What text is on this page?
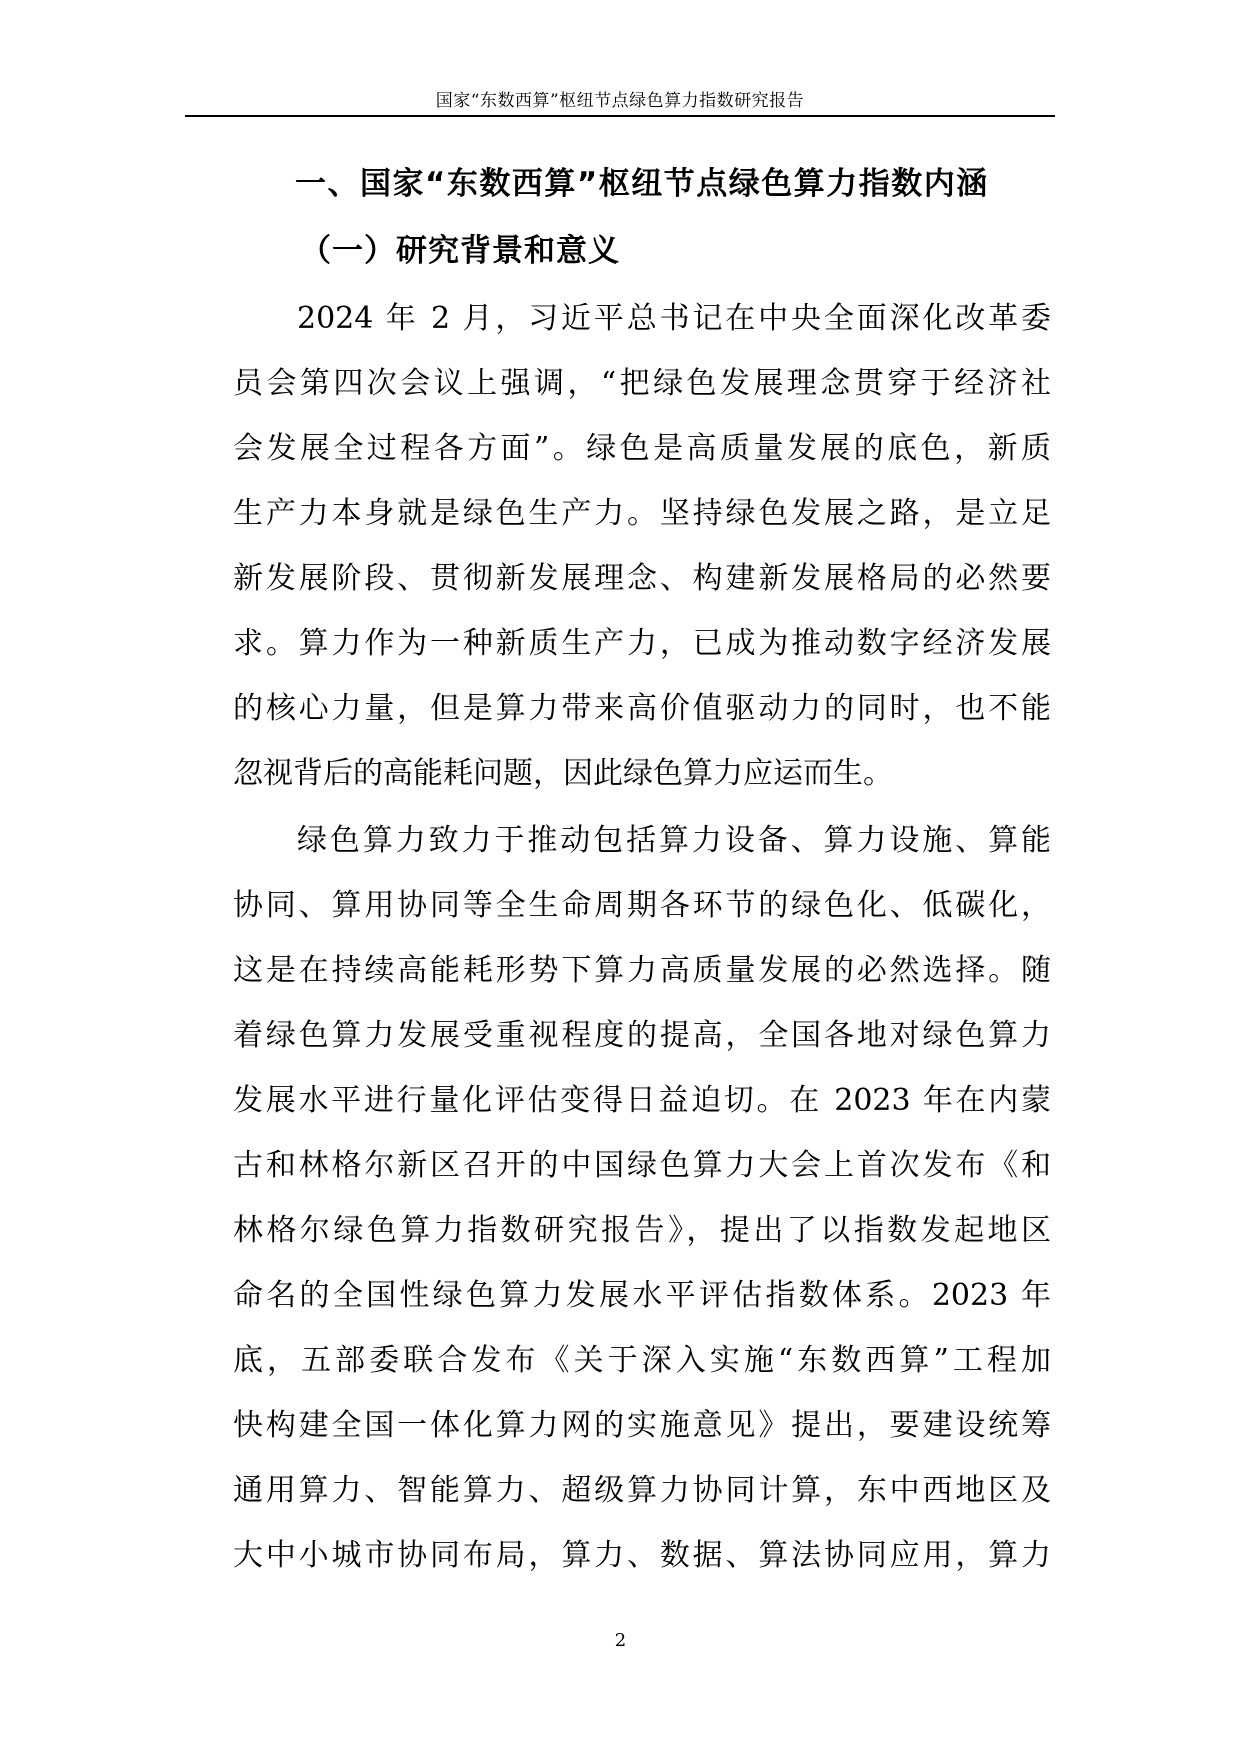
国家“东数西算”枢纽节点绿色算力指数研究报告
一、国家“东数西算”枢纽节点绿色算力指数内涵
（一）研究背景和意义
2024 年 2 月，习近平总书记在中央全面深化改革委
员会第四次会议上强调，“把绿色发展理念贯穿于经济社
会发展全过程各方面”。绿色是高质量发展的底色，新质
生产力本身就是绿色生产力。坚持绿色发展之路，是立足
新发展阶段、贯彻新发展理念、构建新发展格局的必然要
求。算力作为一种新质生产力，已成为推动数字经济发展
的核心力量，但是算力带来高价值驱动力的同时，也不能
忽视背后的高能耗问题，因此绿色算力应运而生。
绿色算力致力于推动包括算力设备、算力设施、算能
协同、算用协同等全生命周期各环节的绿色化、低碳化，
这是在持续高能耗形势下算力高质量发展的必然选择。随
着绿色算力发展受重视程度的提高，全国各地对绿色算力
发展水平进行量化评估变得日益迫切。在 2023 年在内蒙
古和林格尔新区召开的中国绿色算力大会上首次发布《和
林格尔绿色算力指数研究报告》，提出了以指数发起地区
命名的全国性绿色算力发展水平评估指数体系。2023 年
底，五部委联合发布《关于深入实施“东数西算”工程加
快构建全国一体化算力网的实施意见》提出，要建设统筹
通用算力、智能算力、超级算力协同计算，东中西地区及
大中小城市协同布局，算力、数据、算法协同应用，算力
2
